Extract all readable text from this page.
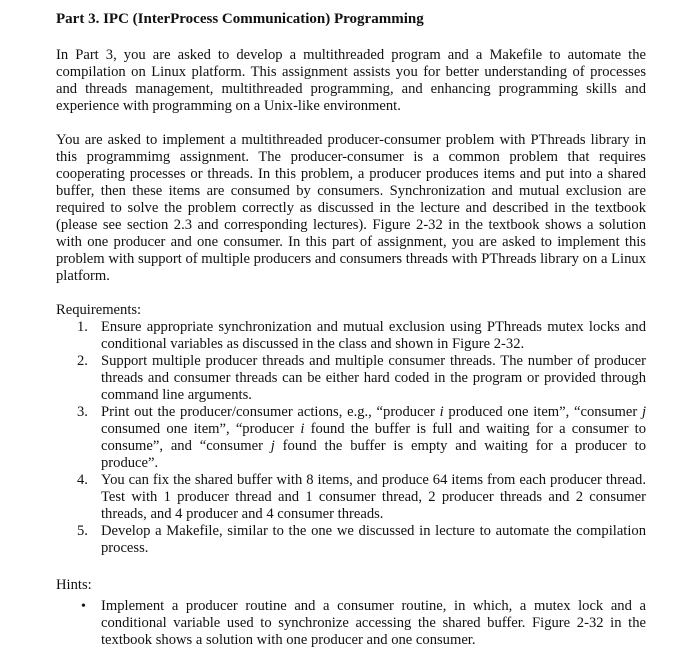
Part 3. IPC (InterProcess Communication) Programming

In Part 3, you are asked to develop a multithreaded program and a Makefile to automate the compilation on Linux platform. This assignment assists you for better understanding of processes and threads management, multithreaded programming, and enhancing programming skills and experience with programming on a Unix-like environment.

You are asked to implement a multithreaded producer-consumer problem with PThreads library in this programmimg assignment. The producer-consumer is a common problem that requires cooperating processes or threads. In this problem, a producer produces items and put into a shared buffer, then these items are consumed by consumers. Synchronization and mutual exclusion are required to solve the problem correctly as discussed in the lecture and described in the textbook (please see section 2.3 and corresponding lectures). Figure 2-32 in the textbook shows a solution with one producer and one consumer. In this part of assignment, you are asked to implement this problem with support of multiple producers and consumers threads with PThreads library on a Linux platform.

Requirements:

1. Ensure appropriate synchronization and mutual exclusion using PThreads mutex locks and conditional variables as discussed in the class and shown in Figure 2-32.
2. Support multiple producer threads and multiple consumer threads. The number of producer threads and consumer threads can be either hard coded in the program or provided through command line arguments.
3. Print out the producer/consumer actions, e.g., “producer i produced one item”, “consumer j consumed one item”, “producer i found the buffer is full and waiting for a consumer to consume”, and “consumer j found the buffer is empty and waiting for a producer to produce”.
4. You can fix the shared buffer with 8 items, and produce 64 items from each producer thread. Test with 1 producer thread and 1 consumer thread, 2 producer threads and 2 consumer threads, and 4 producer and 4 consumer threads.
5. Develop a Makefile, similar to the one we discussed in lecture to automate the compilation process.

Hints:

• Implement a producer routine and a consumer routine, in which, a mutex lock and a conditional variable used to synchronize accessing the shared buffer. Figure 2-32 in the textbook shows a solution with one producer and one consumer.
